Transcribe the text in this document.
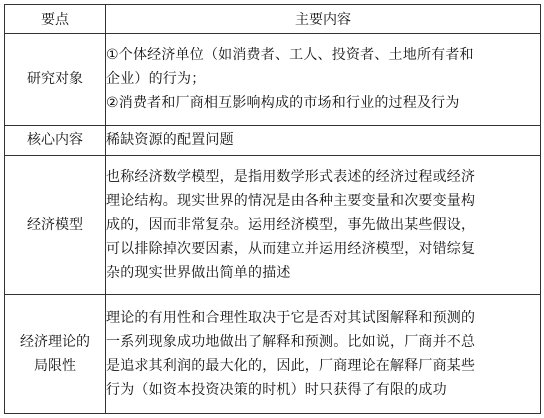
要点	主要内容
研究对象	①个体经济单位（如消费者、工人、投资者、土地所有者和
企业）的行为；
②消费者和厂商相互影响构成的市场和行业的过程及行为

核心内容	稀缺资源的配置问题

经济模型	也称经济数学模型，是指用数学形式表述的经济过程或经济
理论结构。现实世界的情况是由各种主要变量和次要变量构
成的，因而非常复杂。运用经济模型，事先做出某些假设，
可以排除掉次要因素，从而建立并运用经济模型，对错综复
杂的现实世界做出简单的描述

经济理论的
局限性	理论的有用性和合理性取决于它是否对其试图解释和预测的
一系列现象成功地做出了解释和预测。比如说，厂商并不总
是追求其利润的最大化的，因此，厂商理论在解释厂商某些
行为（如资本投资决策的时机）时只获得了有限的成功
